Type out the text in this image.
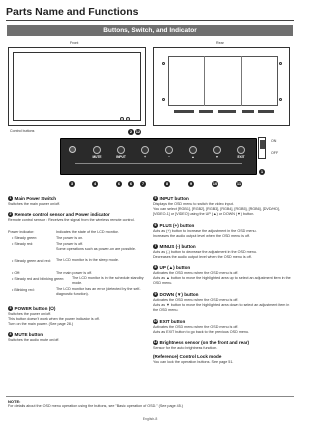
Parts Name and Functions
Buttons, Switch, and Indicator
Front	Rear
Control buttons	2 12
MUTE	INPUT	+	−	▲	▼	EXIT
ON
OFF
1
3	4	6	6	7	8	9	10	11
1 Main Power Switch
Switches the main power on/off.
2 Remote control sensor and Power indicator
Remote control sensor : Receives the signal from the wireless remote control.
Power indicator:	Indicates the state of the LCD monitor.
• Steady green:	The power is on.
• Steady red:	The power is off.
Some operations such as power-on are possible.
• Steady green and red: The LCD monitor is in the sleep mode.
• Off:	The main power is off.
• Steady red and blinking green: The LCD monitor is in the schedule standby mode.
• Blinking red:	The LCD monitor has an error (detected by the self-diagnostic function).
3 POWER button (⏻)
Switches the power on/off.
This button doesn't work when the power indicator is off.
Turn on the main power. (See page 28.)
4 MUTE button
Switches the audio mute on/off.
5 INPUT button
Displays the OSD menu to switch the video input.
You can select [RGB1], [RGB2], [RGB3], [RGB4], [RGB5], [RGB6], [DVD/HD], [VIDEO-1] or [VIDEO] using the UP (▲) or DOWN (▼) button.
6 PLUS (+) button
Acts as (+) button to increase the adjustment in the OSD menu.
Increases the audio output level when the OSD menu is off.
7 MINUS (-) button
Acts as (-) button to decrease the adjustment in the OSD menu.
Decreases the audio output level when the OSD menu is off.
8 UP (▲) button
Activates the OSD menu when the OSD menu is off.
Acts as ▲ button to move the highlighted area up to select an adjustment item in the OSD menu.
9 DOWN (▼) button
Activates the OSD menu when the OSD menu is off.
Acts as ▼ button to move the highlighted area down to select an adjustment item in the OSD menu.
10 EXIT button
Activates the OSD menu when the OSD menu is off.
Acts as EXIT button to go back to the previous OSD menu.
11 Brightness sensor (on the front and rear)
Sensor for the auto brightness function.
(Reference) Control Lock mode
You can lock the operation buttons. See page 51.
NOTE:
For details about the OSD menu operation using the buttons, see "Basic operation of OSD." (See page 45.)
English-8
